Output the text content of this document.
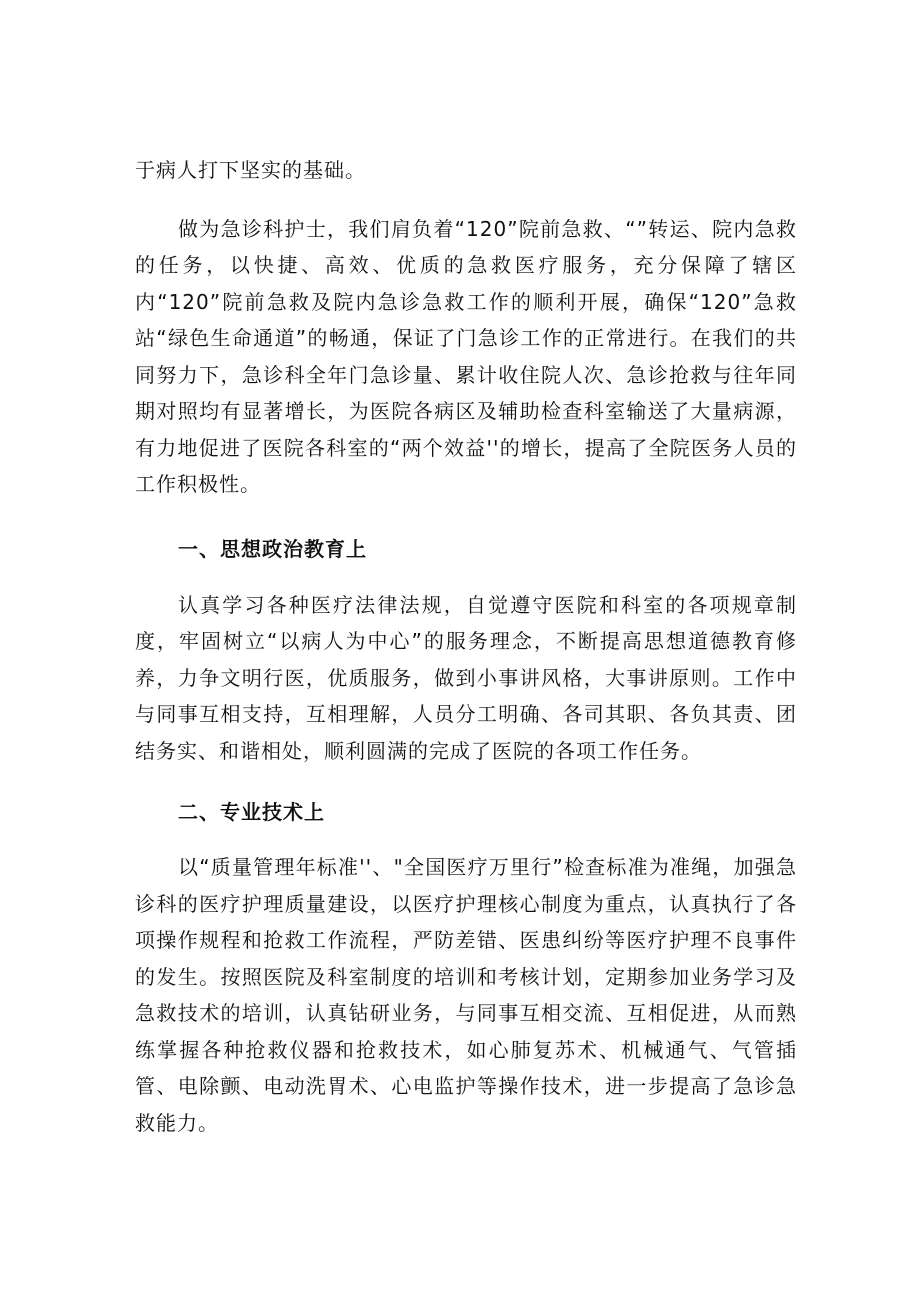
于病人打下坚实的基础。

做为急诊科护士，我们肩负着“120”院前急救、“”转运、院内急救的任务，以快捷、高效、优质的急救医疗服务，充分保障了辖区内“120”院前急救及院内急诊急救工作的顺利开展，确保“120”急救站“绿色生命通道”的畅通，保证了门急诊工作的正常进行。在我们的共同努力下，急诊科全年门急诊量、累计收住院人次、急诊抢救与往年同期对照均有显著增长，为医院各病区及辅助检查科室输送了大量病源，有力地促进了医院各科室的“两个效益''的增长，提高了全院医务人员的工作积极性。

一、思想政治教育上

认真学习各种医疗法律法规，自觉遵守医院和科室的各项规章制度，牢固树立“以病人为中心”的服务理念，不断提高思想道德教育修养，力争文明行医，优质服务，做到小事讲风格，大事讲原则。工作中与同事互相支持，互相理解，人员分工明确、各司其职、各负其责、团结务实、和谐相处，顺利圆满的完成了医院的各项工作任务。

二、专业技术上

以“质量管理年标准''、"全国医疗万里行”检查标准为准绳，加强急诊科的医疗护理质量建设，以医疗护理核心制度为重点，认真执行了各项操作规程和抢救工作流程，严防差错、医患纠纷等医疗护理不良事件的发生。按照医院及科室制度的培训和考核计划，定期参加业务学习及急救技术的培训，认真钻研业务，与同事互相交流、互相促进，从而熟练掌握各种抢救仪器和抢救技术，如心肺复苏术、机械通气、气管插管、电除颤、电动洗胃术、心电监护等操作技术，进一步提高了急诊急救能力。
